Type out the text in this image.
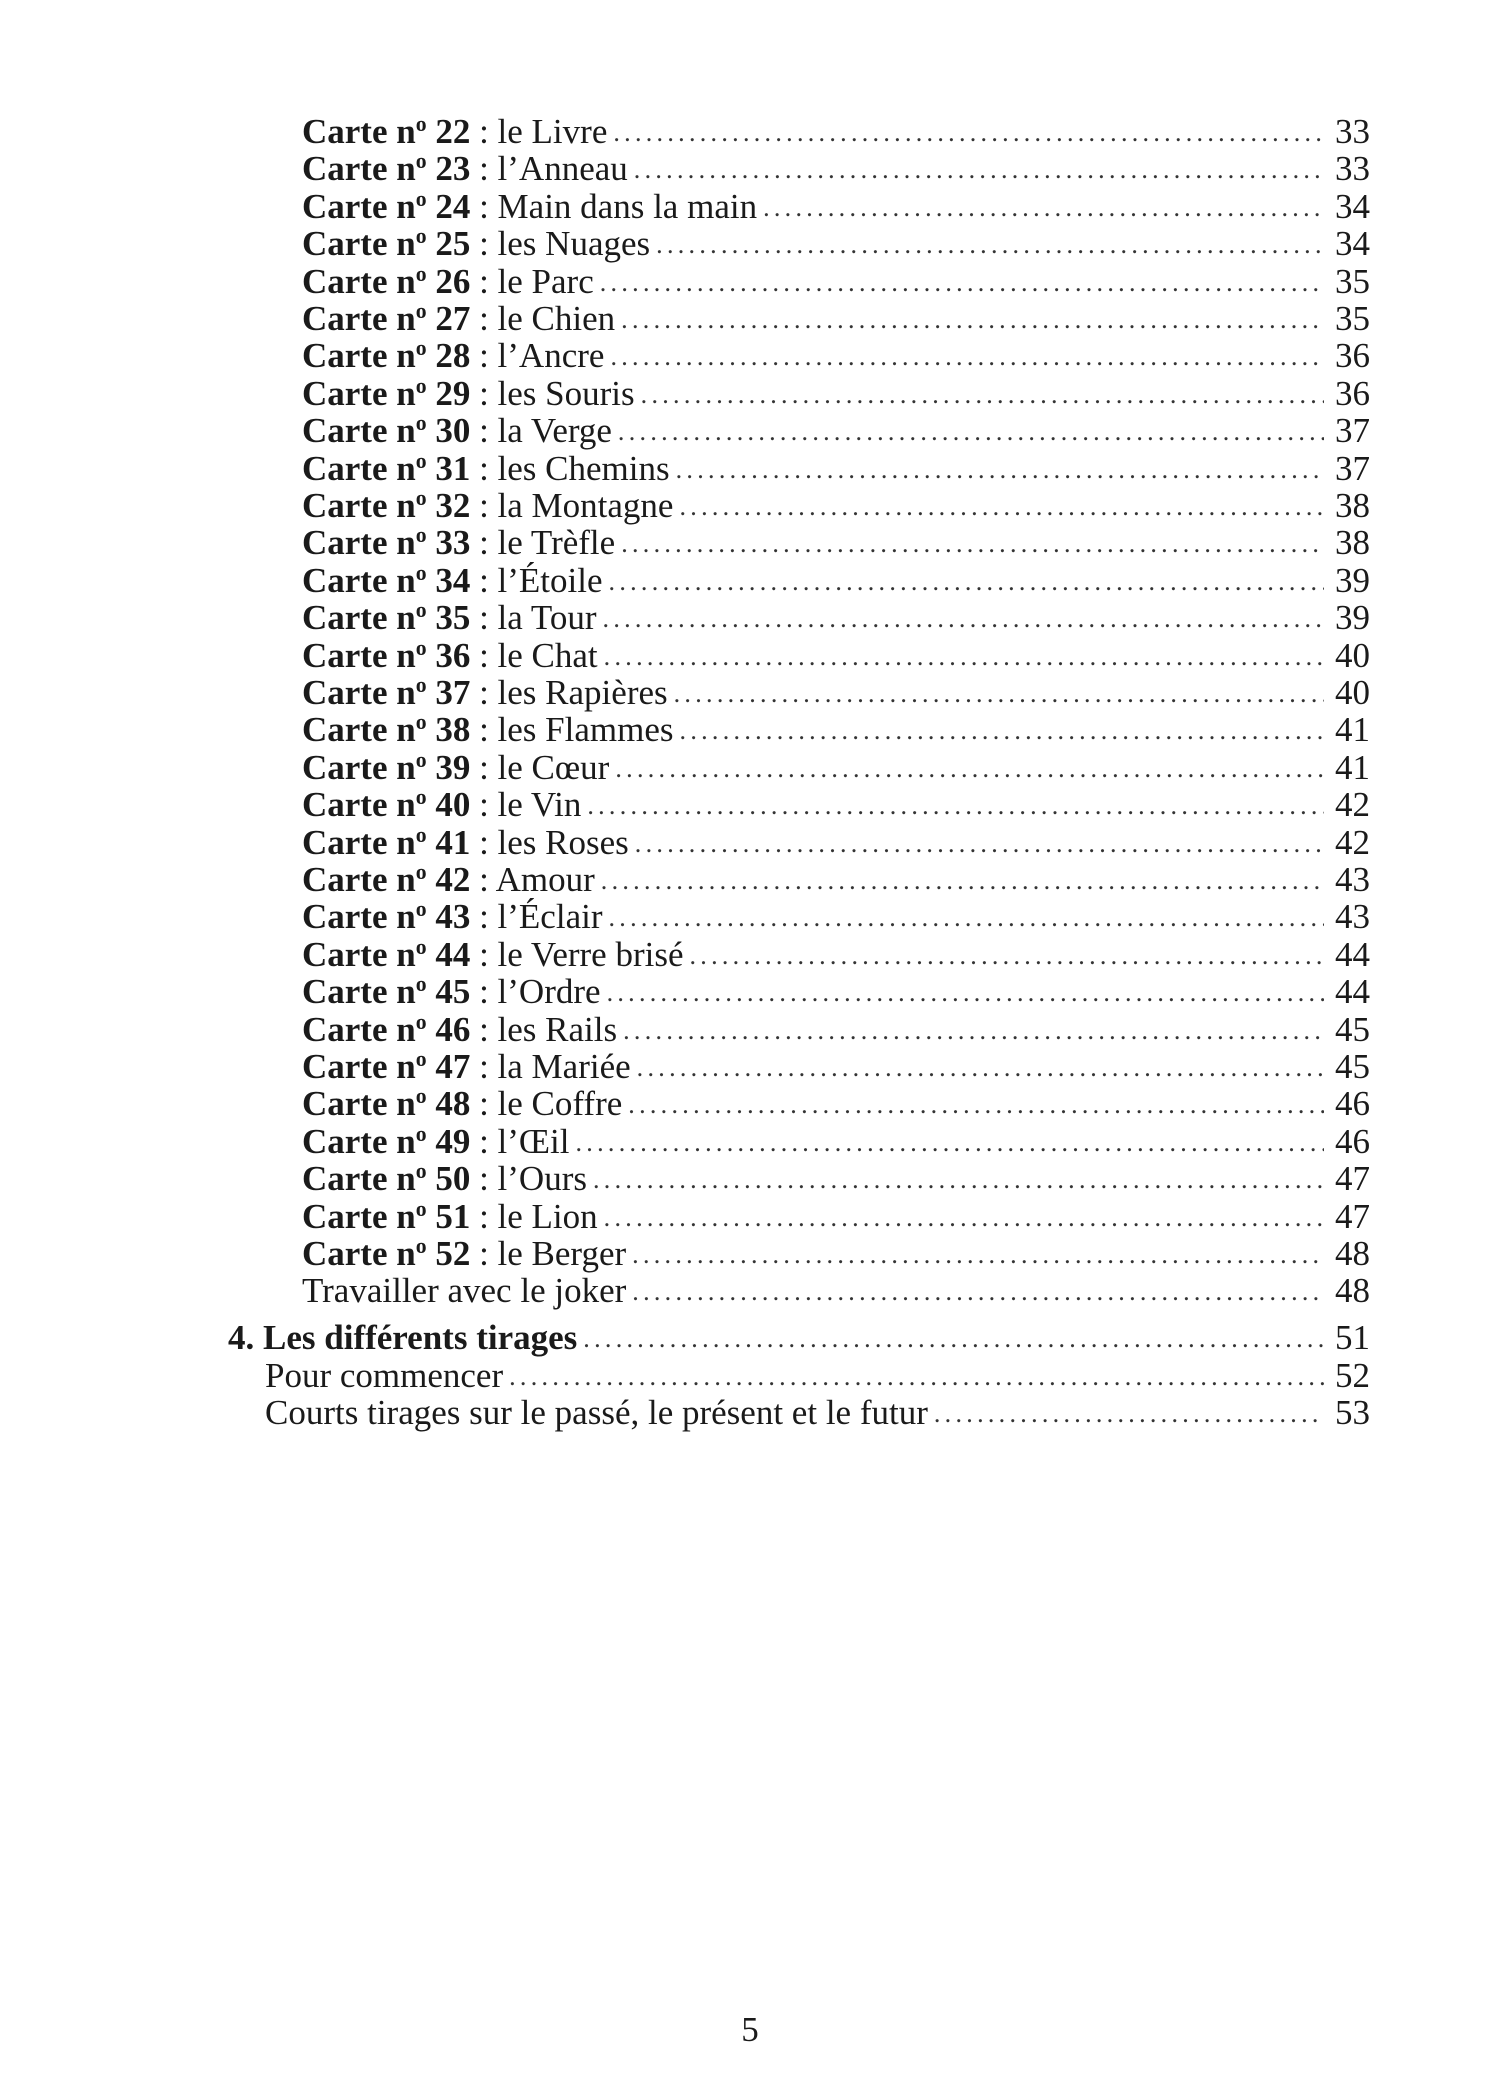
Carte $n^o$ 22 : le Livre .....	33
Carte $n^o$ 23 : l’Anneau .....	33
Carte $n^o$ 24 : Main dans la main .....	34
Carte $n^o$ 25 : les Nuages .....	34
Carte $n^o$ 26 : le Parc .....	35
Carte $n^o$ 27 : le Chien .....	35
Carte $n^o$ 28 : l’Ancre .....	36
Carte $n^o$ 29 : les Souris .....	36
Carte $n^o$ 30 : la Verge .....	37
Carte $n^o$ 31 : les Chemins .....	37
Carte $n^o$ 32 : la Montagne .....	38
Carte $n^o$ 33 : le Trèfle .....	38
Carte $n^o$ 34 : l’Étoile .....	39
Carte $n^o$ 35 : la Tour .....	39
Carte $n^o$ 36 : le Chat .....	40
Carte $n^o$ 37 : les Rapières .....	40
Carte $n^o$ 38 : les Flammes .....	41
Carte $n^o$ 39 : le Cœur .....	41
Carte $n^o$ 40 : le Vin .....	42
Carte $n^o$ 41 : les Roses .....	42
Carte $n^o$ 42 : Amour .....	43
Carte $n^o$ 43 : l’Éclair .....	43
Carte $n^o$ 44 : le Verre brisé .....	44
Carte $n^o$ 45 : l’Ordre .....	44
Carte $n^o$ 46 : les Rails .....	45
Carte $n^o$ 47 : la Mariée .....	45
Carte $n^o$ 48 : le Coffre .....	46
Carte $n^o$ 49 : l’Œil .....	46
Carte $n^o$ 50 : l’Ours .....	47
Carte $n^o$ 51 : le Lion .....	47
Carte $n^o$ 52 : le Berger .....	48
Travailler avec le joker .....	48
4. Les différents tirages .....	51
Pour commencer .....	52
Courts tirages sur le passé, le présent et le futur .....	53
5
